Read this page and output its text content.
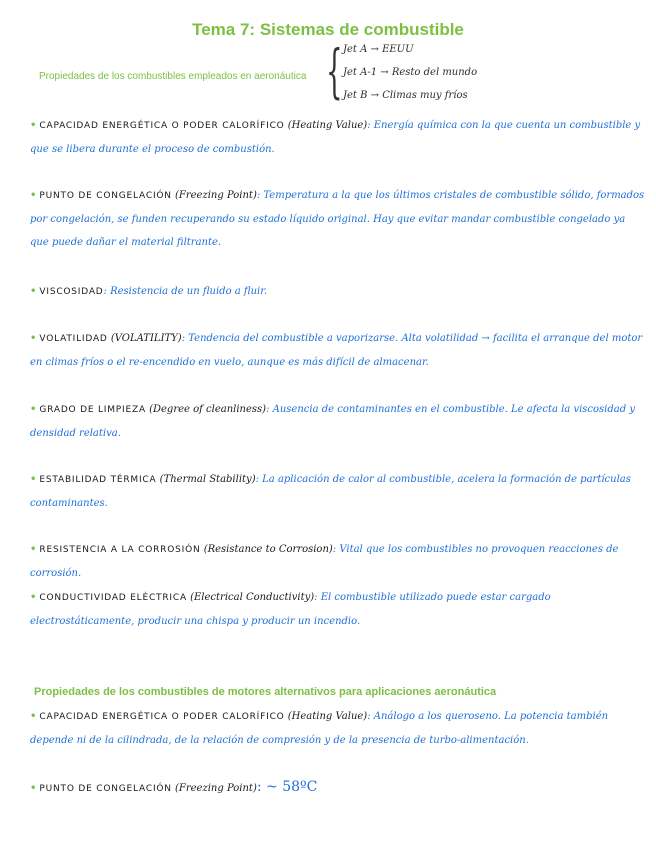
Tema 7: Sistemas de combustible
Propiedades de los combustibles empleados en aeronáutica { Jet A → EEUU
Jet A-1 → Resto del mundo
Jet B → Climas muy fríos
• CAPACIDAD ENERGÉTICA O PODER CALORÍFICO (Heating Value): Energía química con la que cuenta un combustible y que se libera durante el proceso de combustión.
• PUNTO DE CONGELACIÓN (Freezing Point): Temperatura a la que los últimos cristales de combustible sólido, formados por congelación, se funden recuperando su estado líquido original. Hay que evitar mandar combustible congelado ya que puede dañar el material filtrante.
• VISCOSIDAD: Resistencia de un fluido a fluir.
• VOLATILIDAD (VOLATILITY): Tendencia del combustible a vaporizarse. Alta volatilidad → facilita el arranque del motor en climas fríos o el re-encendido en vuelo, aunque es más difícil de almacenar.
• GRADO DE LIMPIEZA (Degree of cleanliness): Ausencia de contaminantes en el combustible. Le afecta la viscosidad y densidad relativa.
• ESTABILIDAD TÉRMICA (Thermal Stability): La aplicación de calor al combustible, acelera la formación de partículas contaminantes.
• RESISTENCIA A LA CORROSIÓN (Resistance to Corrosion): Vital que los combustibles no provoquen reacciones de corrosión.
• CONDUCTIVIDAD ELÉCTRICA (Electrical Conductivity): El combustible utilizado puede estar cargado electrostáticamente, producir una chispa y producir un incendio.
Propiedades de los combustibles de motores alternativos para aplicaciones aeronáutica
• CAPACIDAD ENERGÉTICA O PODER CALORÍFICO (Heating Value): Análogo a los queroseno. La potencia también depende ni de la cilindrada, de la relación de compresión y de la presencia de turbo-alimentación.
• PUNTO DE CONGELACIÓN (Freezing Point): ~ 58ºC
